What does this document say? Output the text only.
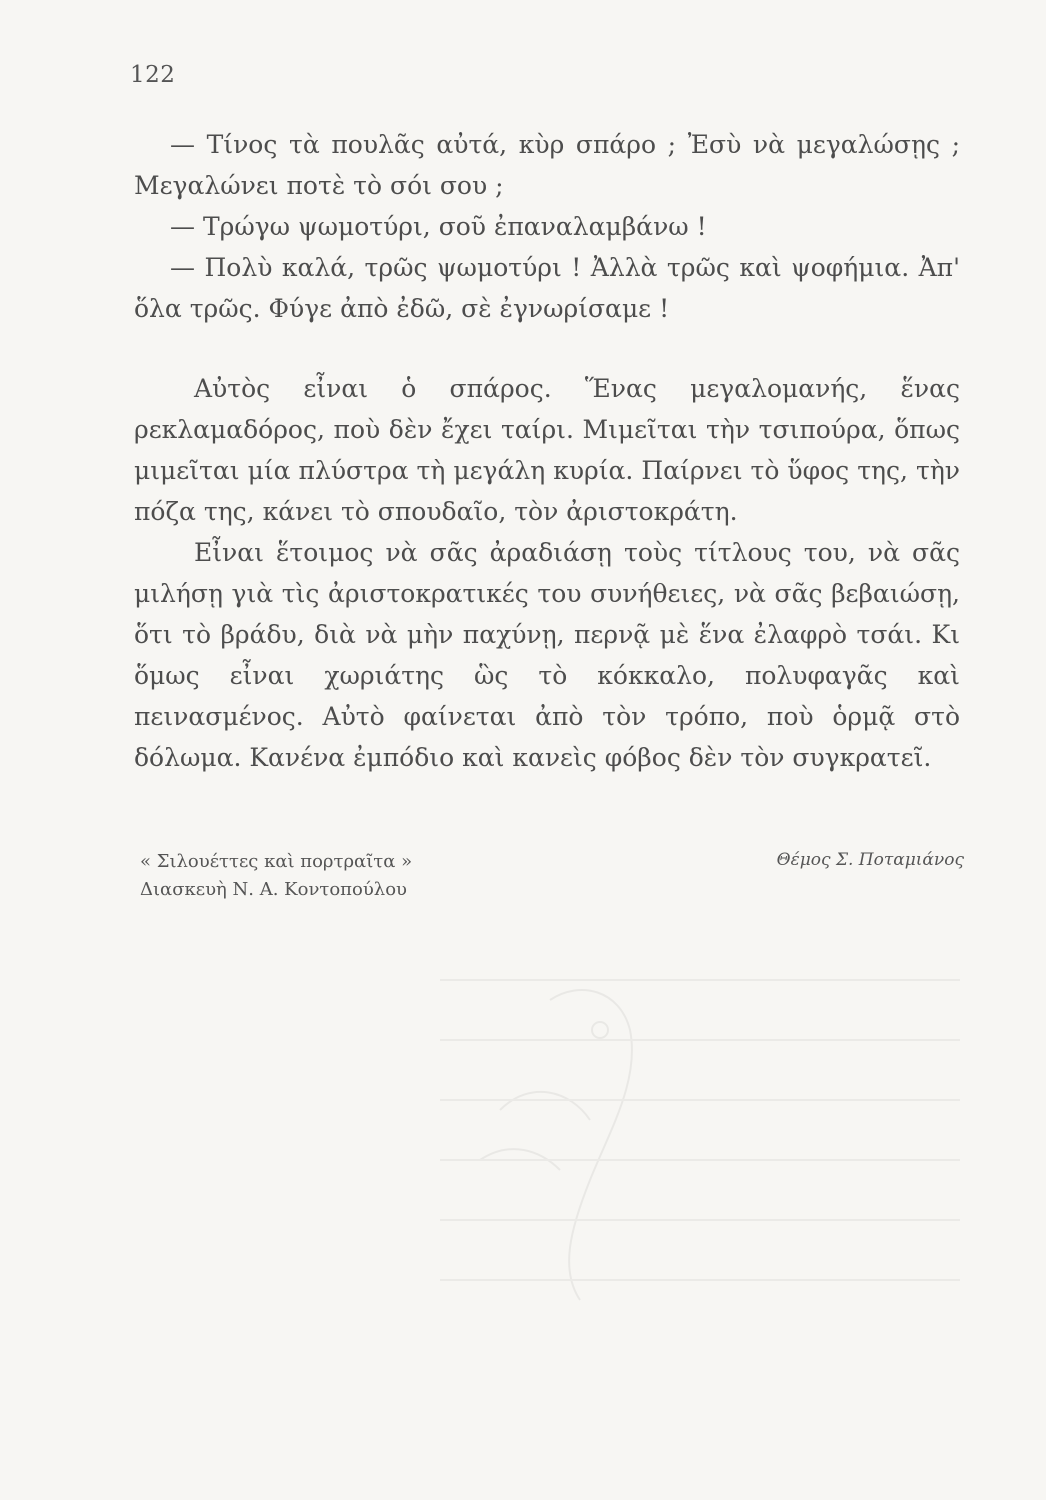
122

— Τίνος τὰ πουλᾶς αὐτά, κὺρ σπάρο ; Ἐσὺ νὰ μεγαλώσῃς ; Μεγαλώνει ποτὲ τὸ σόι σου ;

— Τρώγω ψωμοτύρι, σοῦ ἐπαναλαμβάνω !

— Πολὺ καλά, τρῶς ψωμοτύρι ! Ἀλλὰ τρῶς καὶ ψοφήμια. Ἀπ' ὅλα τρῶς. Φύγε ἀπὸ ἐδῶ, σὲ ἐγνωρίσαμε !

Αὐτὸς εἶναι ὁ σπάρος. Ἕνας μεγαλομανής, ἕνας ρεκλαμαδόρος, ποὺ δὲν ἔχει ταίρι. Μιμεῖται τὴν τσιπούρα, ὅπως μιμεῖται μία πλύστρα τὴ μεγάλη κυρία. Παίρνει τὸ ὕφος της, τὴν πόζα της, κάνει τὸ σπουδαῖο, τὸν ἀριστοκράτη.

Εἶναι ἕτοιμος νὰ σᾶς ἀραδιάσῃ τοὺς τίτλους του, νὰ σᾶς μιλήσῃ γιὰ τὶς ἀριστοκρατικές του συνήθειες, νὰ σᾶς βεβαιώσῃ, ὅτι τὸ βράδυ, διὰ νὰ μὴν παχύνῃ, περνᾷ μὲ ἕνα ἐλαφρὸ τσάι. Κι ὅμως εἶναι χωριάτης ὣς τὸ κόκκαλο, πολυφαγᾶς καὶ πεινασμένος. Αὐτὸ φαίνεται ἀπὸ τὸν τρόπο, ποὺ ὁρμᾷ στὸ δόλωμα. Κανένα ἐμπόδιο καὶ κανεὶς φόβος δὲν τὸν συγκρατεῖ.

« Σιλουέττες καὶ πορτραῖτα »
Διασκευὴ Ν. Α. Κοντοπούλου
Θέμος Σ. Ποταμιάνος
